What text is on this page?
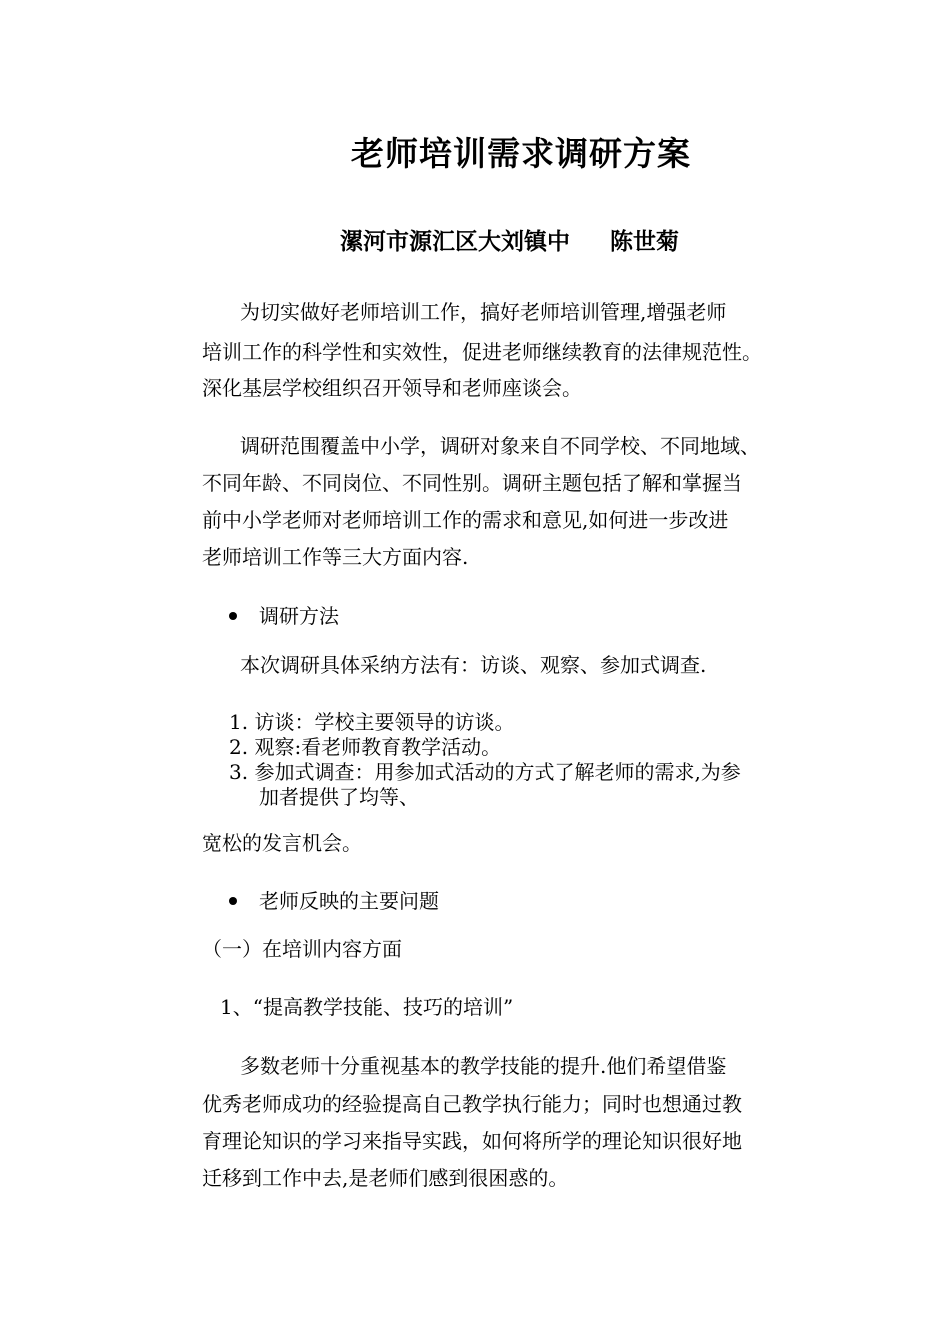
老师培训需求调研方案
漯河市源汇区大刘镇中 陈世菊
为切实做好老师培训工作，搞好老师培训管理,增强老师
培训工作的科学性和实效性，促进老师继续教育的法律规范性。
深化基层学校组织召开领导和老师座谈会。
调研范围覆盖中小学，调研对象来自不同学校、不同地域、
不同年龄、不同岗位、不同性别。调研主题包括了解和掌握当
前中小学老师对老师培训工作的需求和意见,如何进一步改进
老师培训工作等三大方面内容.
调研方法
本次调研具体采纳方法有：访谈、观察、参加式调查.
1. 访谈：学校主要领导的访谈。
2. 观察:看老师教育教学活动。
3. 参加式调查：用参加式活动的方式了解老师的需求,为参
加者提供了均等、
宽松的发言机会。
老师反映的主要问题
（一）在培训内容方面
1、“提高教学技能、技巧的培训”
多数老师十分重视基本的教学技能的提升.他们希望借鉴
优秀老师成功的经验提高自己教学执行能力；同时也想通过教
育理论知识的学习来指导实践，如何将所学的理论知识很好地
迁移到工作中去,是老师们感到很困惑的。
